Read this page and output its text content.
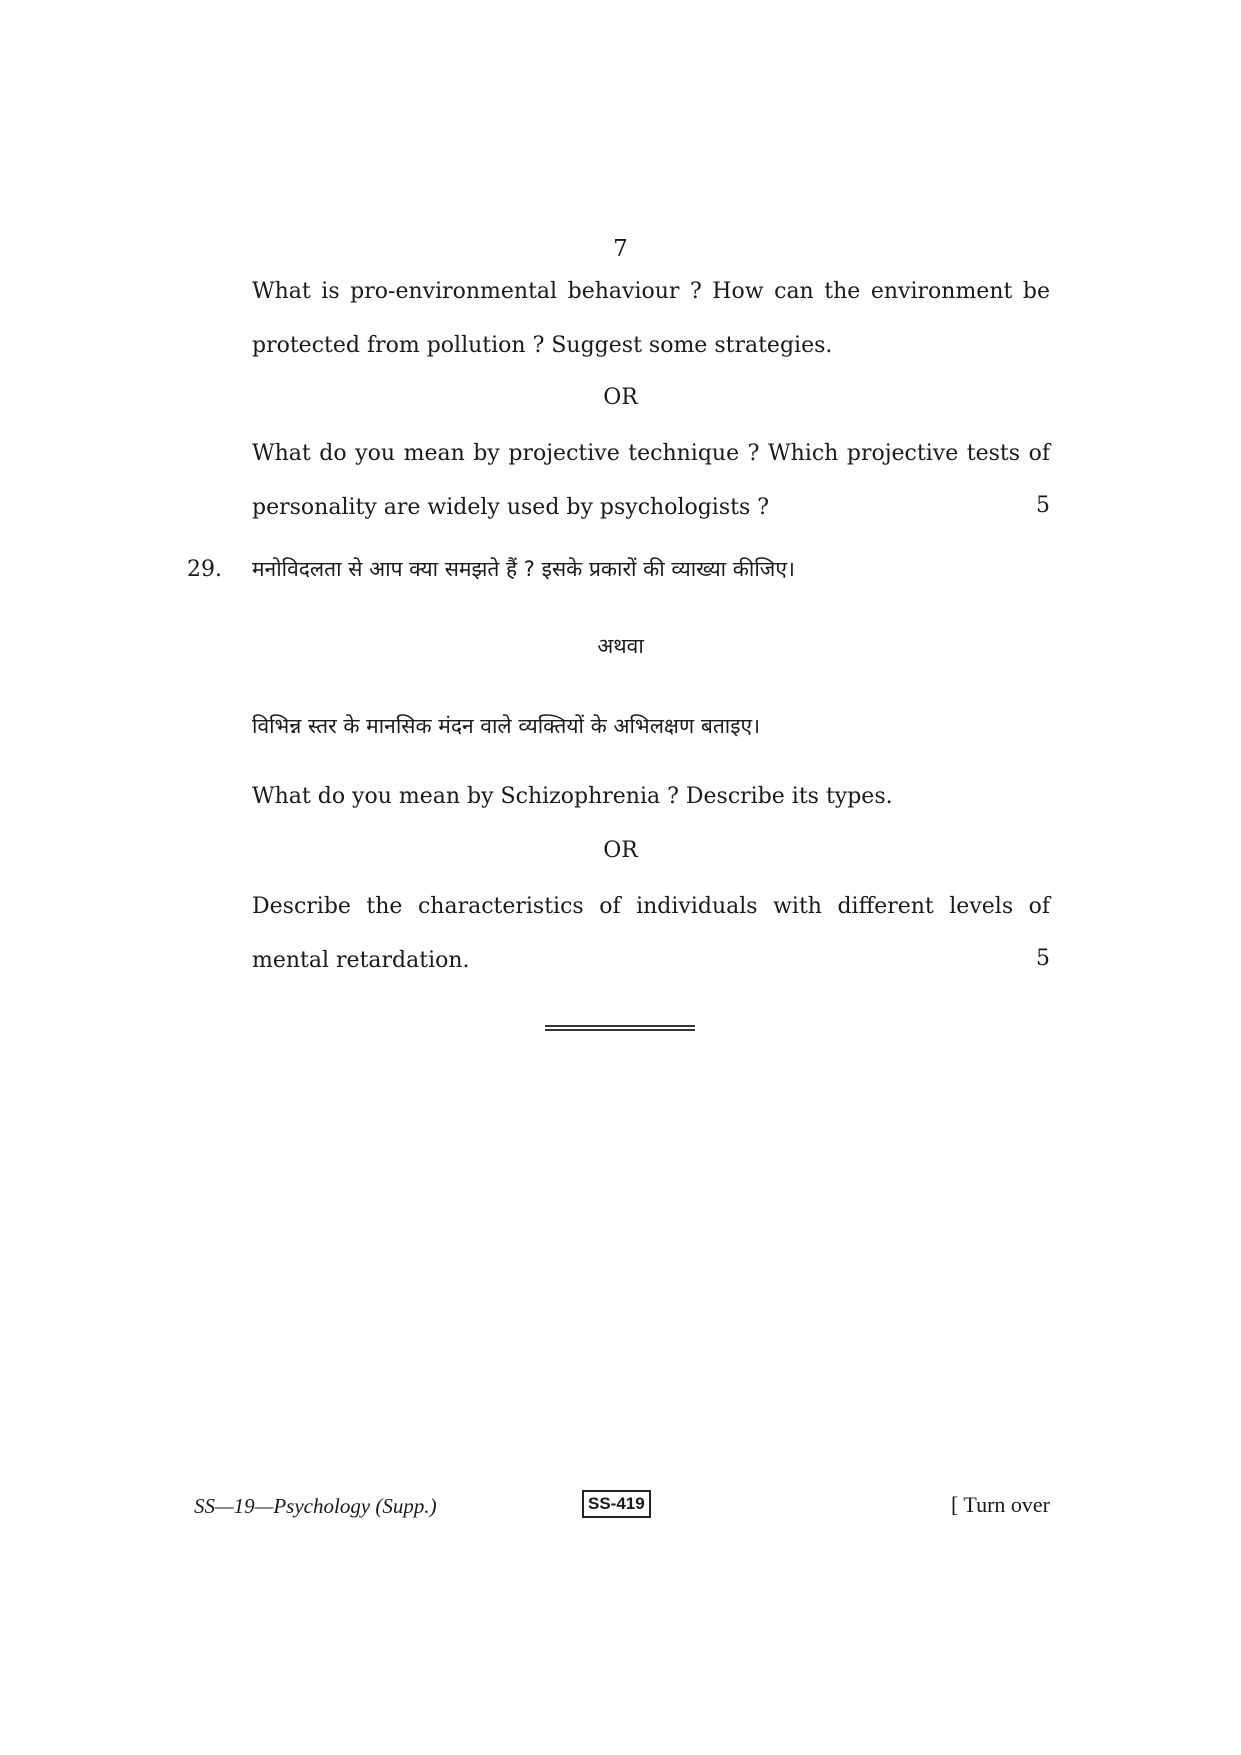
7
What is pro-environmental behaviour ? How can the environment be protected from pollution ? Suggest some strategies.
OR
What do you mean by projective technique ? Which projective tests of personality are widely used by psychologists ?	5
29. मनोविदलता से आप क्या समझते हैं ? इसके प्रकारों की व्याख्या कीजिए।
अथवा
विभिन्न स्तर के मानसिक मंदन वाले व्यक्तियों के अभिलक्षण बताइए।
What do you mean by Schizophrenia ? Describe its types.
OR
Describe the characteristics of individuals with different levels of mental retardation.	5
SS—19—Psychology (Supp.)	SS-419	[ Turn over
